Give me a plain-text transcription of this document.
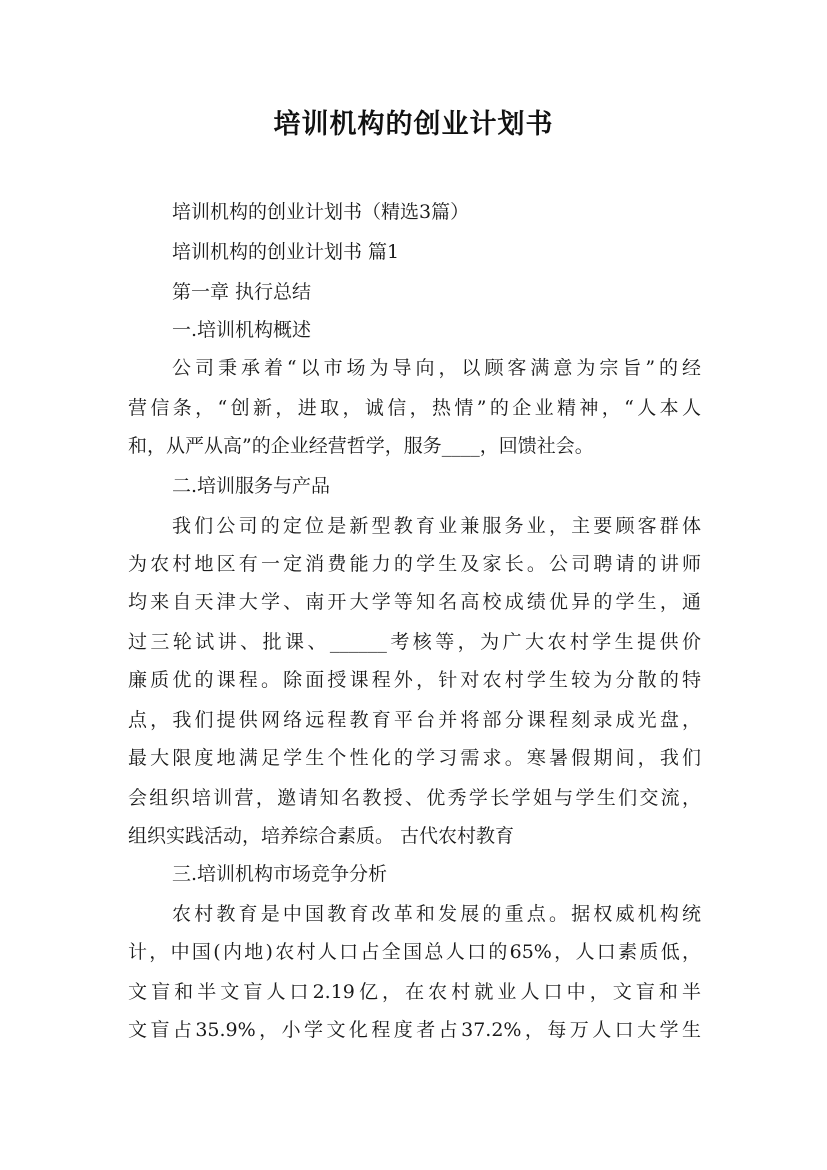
培训机构的创业计划书
培训机构的创业计划书（精选3篇）
培训机构的创业计划书 篇1
第一章 执行总结
一.培训机构概述
公司秉承着“以市场为导向，以顾客满意为宗旨”的经
营信条，“创新，进取，诚信，热情”的企业精神，“人本人
和，从严从高”的企业经营哲学，服务____，回馈社会。
二.培训服务与产品
我们公司的定位是新型教育业兼服务业，主要顾客群体
为农村地区有一定消费能力的学生及家长。公司聘请的讲师
均来自天津大学、南开大学等知名高校成绩优异的学生，通
过三轮试讲、批课、______考核等，为广大农村学生提供价
廉质优的课程。除面授课程外，针对农村学生较为分散的特
点，我们提供网络远程教育平台并将部分课程刻录成光盘，
最大限度地满足学生个性化的学习需求。寒暑假期间，我们
会组织培训营，邀请知名教授、优秀学长学姐与学生们交流，
组织实践活动，培养综合素质。 古代农村教育
三.培训机构市场竞争分析
农村教育是中国教育改革和发展的重点。据权威机构统
计，中国(内地)农村人口占全国总人口的65%，人口素质低，
文盲和半文盲人口2.19亿，在农村就业人口中，文盲和半
文盲占35.9%，小学文化程度者占37.2%，每万人口大学生
